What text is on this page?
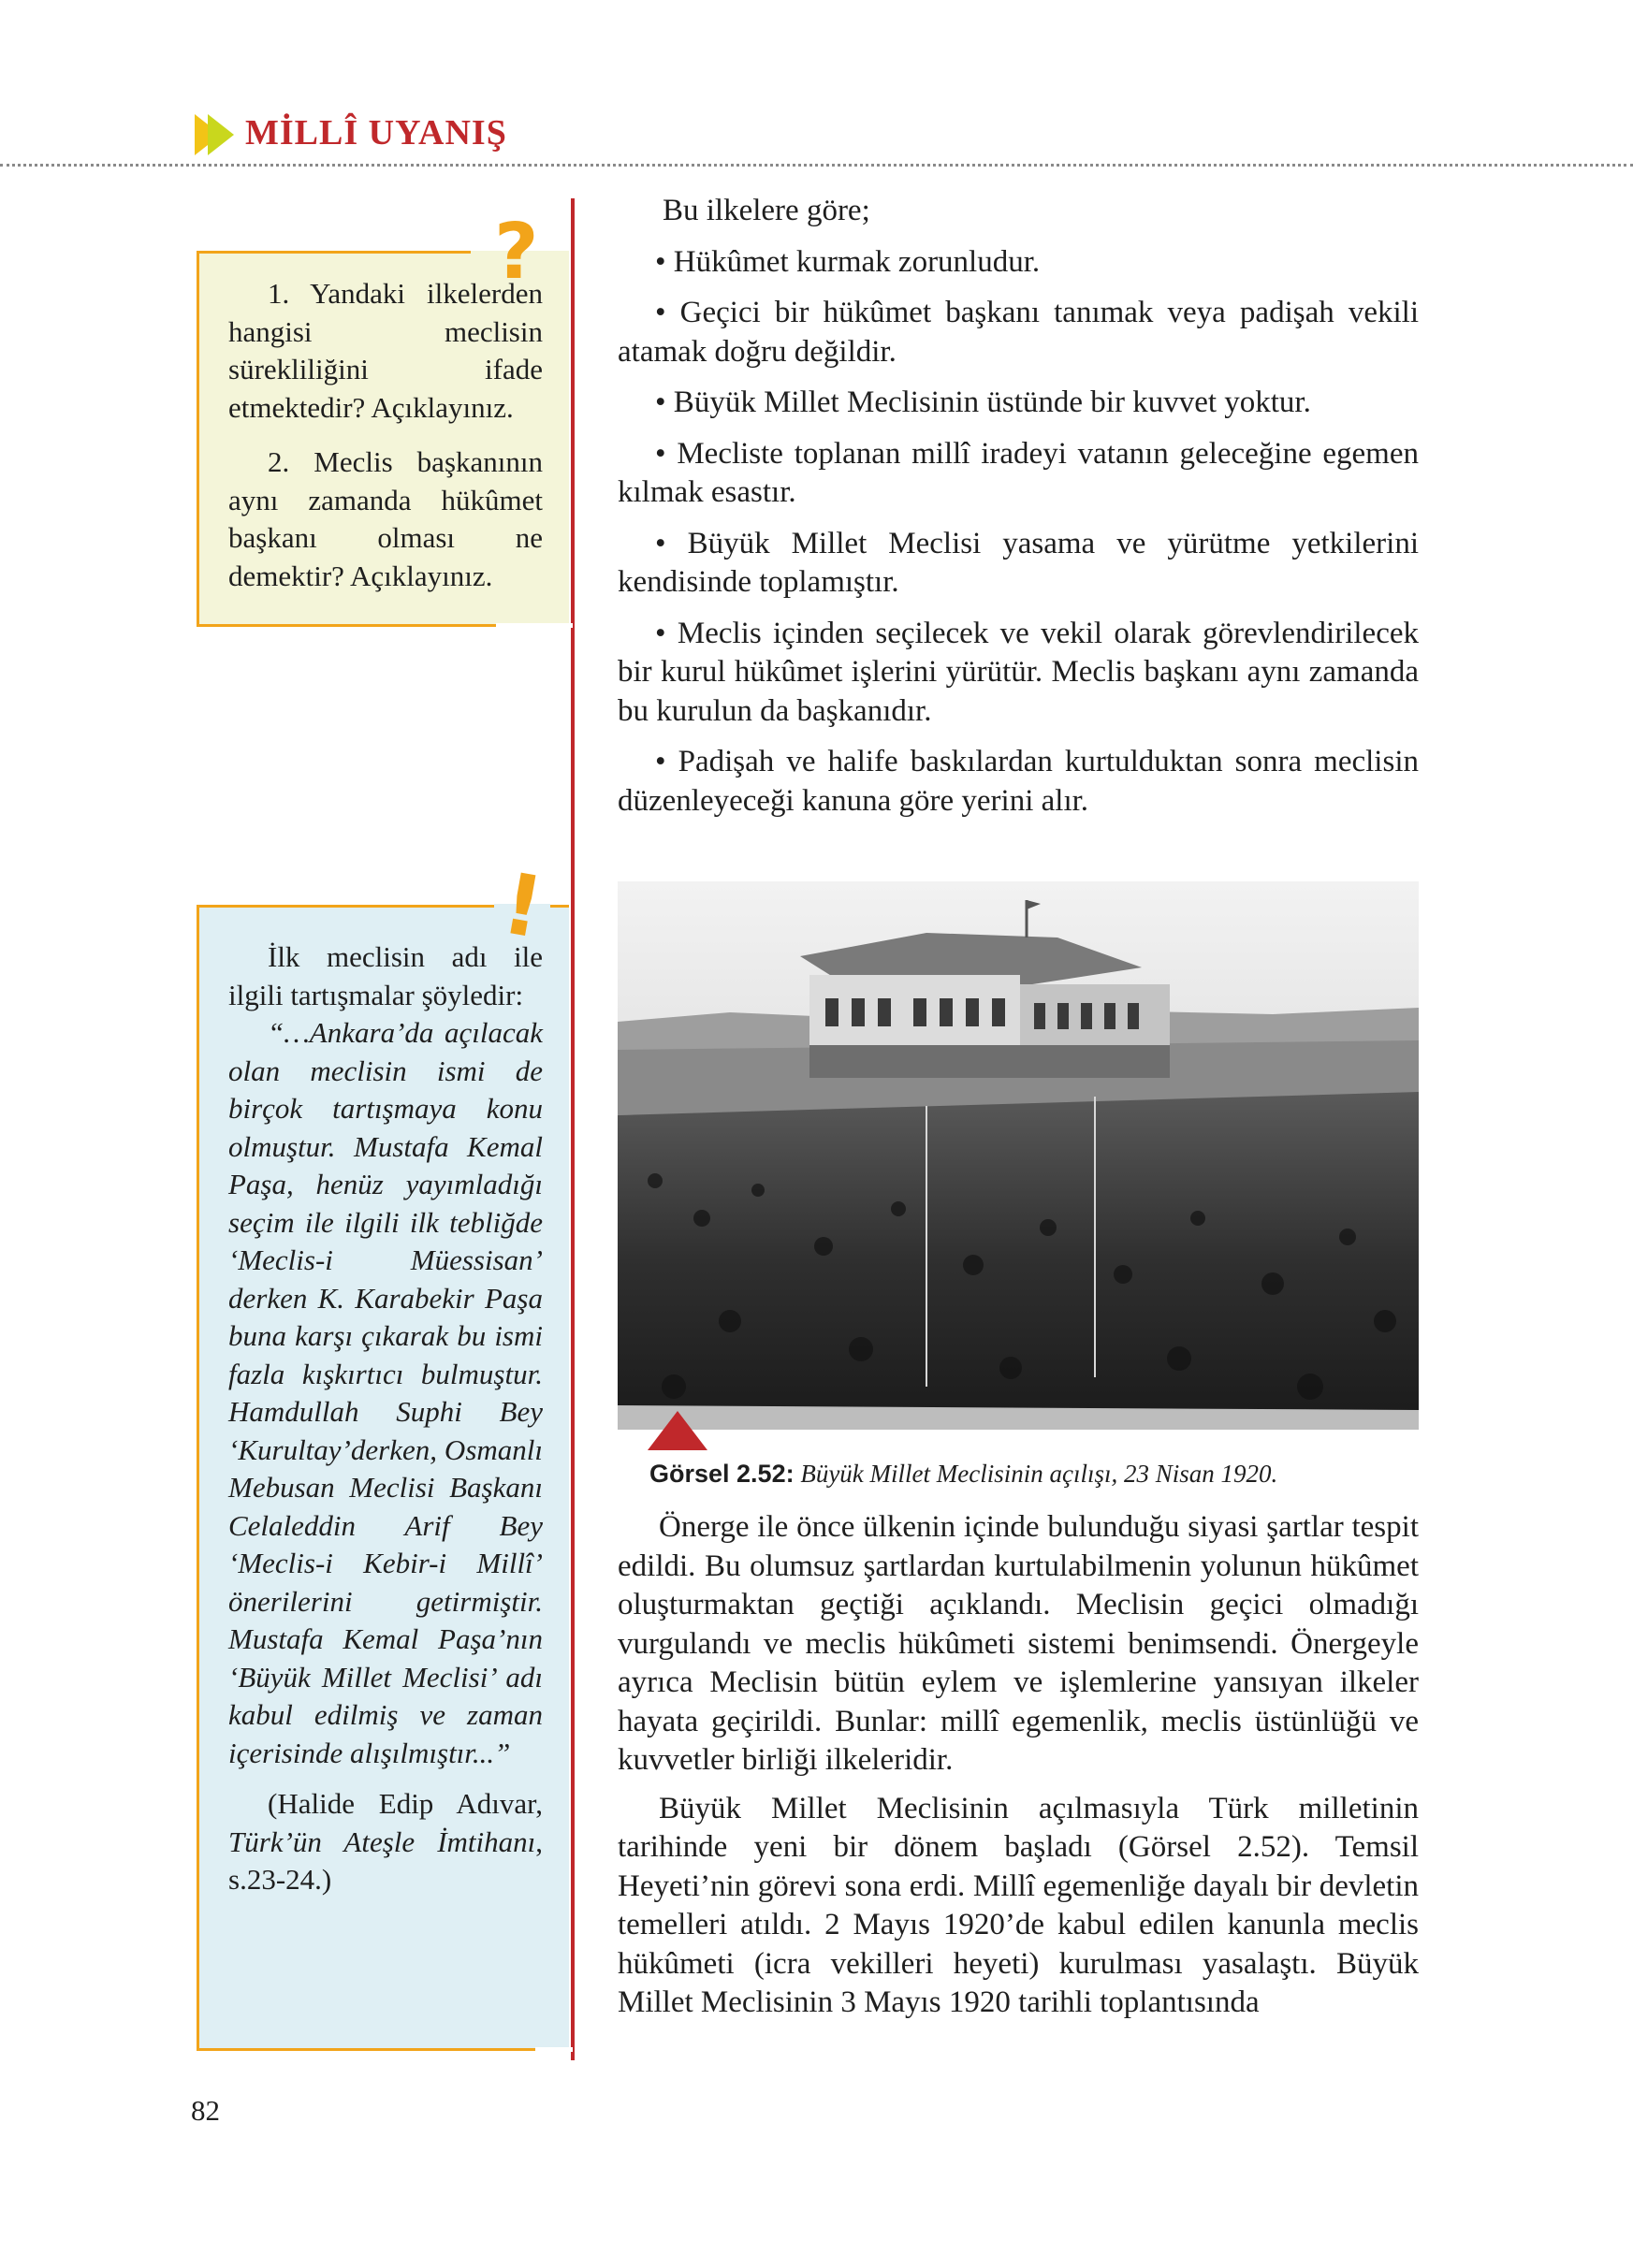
MİLLÎ UYANIŞ
?

1. Yandaki ilkelerden hangisi meclisin sürekliliğini ifade etmektedir? Açıklayınız.

2. Meclis başkanının aynı zamanda hükûmet başkanı olması ne demektir? Açıklayınız.

!

İlk meclisin adı ile ilgili tartışmalar şöyledir:

“…Ankara’da açılacak olan meclisin ismi de birçok tartışmaya konu olmuştur. Mustafa Kemal Paşa, henüz yayımladığı seçim ile ilgili ilk tebliğde ‘Meclis-i Müessisan’ derken K. Karabekir Paşa buna karşı çıkarak bu ismi fazla kışkırtıcı bulmuştur. Hamdullah Suphi Bey ‘Kurultay’derken, Osmanlı Mebusan Meclisi Başkanı Celaleddin Arif Bey ‘Meclis-i Kebir-i Millî’ önerilerini getirmiştir. Mustafa Kemal Paşa’nın ‘Büyük Millet Meclisi’ adı kabul edilmiş ve zaman içerisinde alışılmıştır...”

(Halide Edip Adıvar, Türk’ün Ateşle İmtihanı, s.23-24.)

Bu ilkelere göre;

• Hükûmet kurmak zorunludur.

• Geçici bir hükûmet başkanı tanımak veya padişah vekili atamak doğru değildir.

• Büyük Millet Meclisinin üstünde bir kuvvet yoktur.

• Mecliste toplanan millî iradeyi vatanın geleceğine egemen kılmak esastır.

• Büyük Millet Meclisi yasama ve yürütme yetkilerini kendisinde toplamıştır.

• Meclis içinden seçilecek ve vekil olarak görevlendirilecek bir kurul hükûmet işlerini yürütür. Meclis başkanı aynı zamanda bu kurulun da başkanıdır.

• Padişah ve halife baskılardan kurtulduktan sonra meclisin düzenleyeceği kanuna göre yerini alır.

Görsel 2.52: Büyük Millet Meclisinin açılışı, 23 Nisan 1920.

Önerge ile önce ülkenin içinde bulunduğu siyasi şartlar tespit edildi. Bu olumsuz şartlardan kurtulabilmenin yolunun hükûmet oluşturmaktan geçtiği açıklandı. Meclisin geçici olmadığı vurgulandı ve meclis hükûmeti sistemi benimsendi. Önergeyle ayrıca Meclisin bütün eylem ve işlemlerine yansıyan ilkeler hayata geçirildi. Bunlar: millî egemenlik, meclis üstünlüğü ve kuvvetler birliği ilkeleridir.

Büyük Millet Meclisinin açılmasıyla Türk milletinin tarihinde yeni bir dönem başladı (Görsel 2.52). Temsil Heyeti’nin görevi sona erdi. Millî egemenliğe dayalı bir devletin temelleri atıldı. 2 Mayıs 1920’de kabul edilen kanunla meclis hükûmeti (icra vekilleri heyeti) kurulması yasalaştı. Büyük Millet Meclisinin 3 Mayıs 1920 tarihli toplantısında

82
